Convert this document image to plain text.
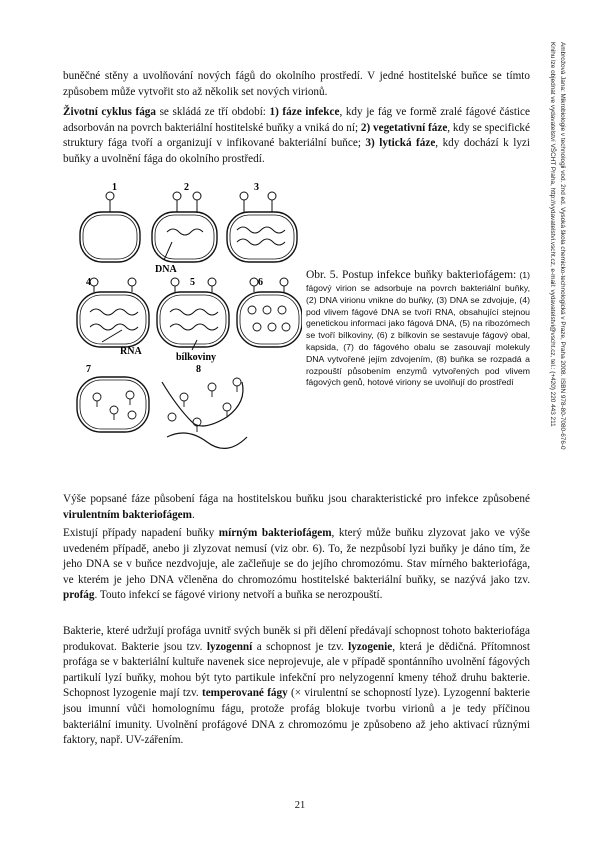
Ambrožová Jana: Mikrobiologie v technologii vod. 2nd ed. Vysoká škola chemicko-technologická v Praze, Praha 2008. ISBN 978-80-7080-676-0
Knihu lze objednat ve vydavatelství VŠCHT Praha, http://vydavatelstvi.vscht.cz, e-mail: vydavatelstvi@vscht.cz, tel.: (+420) 220 443 211
buněčné stěny a uvolňování nových fágů do okolního prostředí. V jedné hostitelské buňce se tímto způsobem může vytvořit sto až několik set nových virionů.
Životní cyklus fága se skládá ze tří období: 1) fáze infekce, kdy je fág ve formě zralé fágové částice adsorbován na povrch bakteriální hostitelské buňky a vniká do ní; 2) vegetativní fáze, kdy se specifické struktury fága tvoří a organizují v infikované bakteriální buňce; 3) lytická fáze, kdy dochází k lyzi buňky a uvolnění fága do okolního prostředí.
1	2	3
DNA
4	5	6
RNA
bílkoviny
7	8
Obr. 5. Postup infekce buňky bakteriofágem: (1) fágový virion se adsorbuje na povrch bakteriální buňky, (2) DNA virionu vnikne do buňky, (3) DNA se zdvojuje, (4) pod vlivem fágové DNA se tvoří RNA, obsahující stejnou genetickou informaci jako fágová DNA, (5) na ribozómech se tvoří bílkoviny, (6) z bílkovin se sestavuje fágový obal, kapsida, (7) do fágového obalu se zasouvají molekuly DNA vytvořené jejím zdvojením, (8) buňka se rozpadá a rozpouští působením enzymů vytvořených pod vlivem fágových genů, hotové viriony se uvolňují do prostředí
Výše popsané fáze působení fága na hostitelskou buňku jsou charakteristické pro infekce způsobené virulentním bakteriofágem.
Existují případy napadení buňky mírným bakteriofágem, který může buňku zlyzovat jako ve výše uvedeném případě, anebo ji zlyzovat nemusí (viz obr. 6). To, že nezpůsobí lyzi buňky je dáno tím, že jeho DNA se v buňce nezdvojuje, ale začleňuje se do jejího chromozómu. Stav mírného bakteriofága, ve kterém je jeho DNA včleněna do chromozómu hostitelské bakteriální buňky, se nazývá jako tzv. profág. Touto infekcí se fágové viriony netvoří a buňka se nerozpouští.
Bakterie, které udržují profága uvnitř svých buněk si při dělení předávají schopnost tohoto bakteriofága produkovat. Bakterie jsou tzv. lyzogenní a schopnost je tzv. lyzogenie, která je dědičná. Přítomnost profága se v bakteriální kultuře navenek sice neprojevuje, ale v případě spontánního uvolnění fágových partikulí lyzí buňky, mohou být tyto partikule infekční pro nelyzogenní kmeny téhož druhu bakterie. Schopnost lyzogenie mají tzv. temperované fágy (× virulentní se schopností lyze). Lyzogenní bakterie jsou imunní vůči homolognímu fágu, protože profág blokuje tvorbu virionů a je tedy příčinou bakteriální imunity. Uvolnění profágové DNA z chromozómu je způsobeno až jeho aktivací různými faktory, např. UV-zářením.
21
